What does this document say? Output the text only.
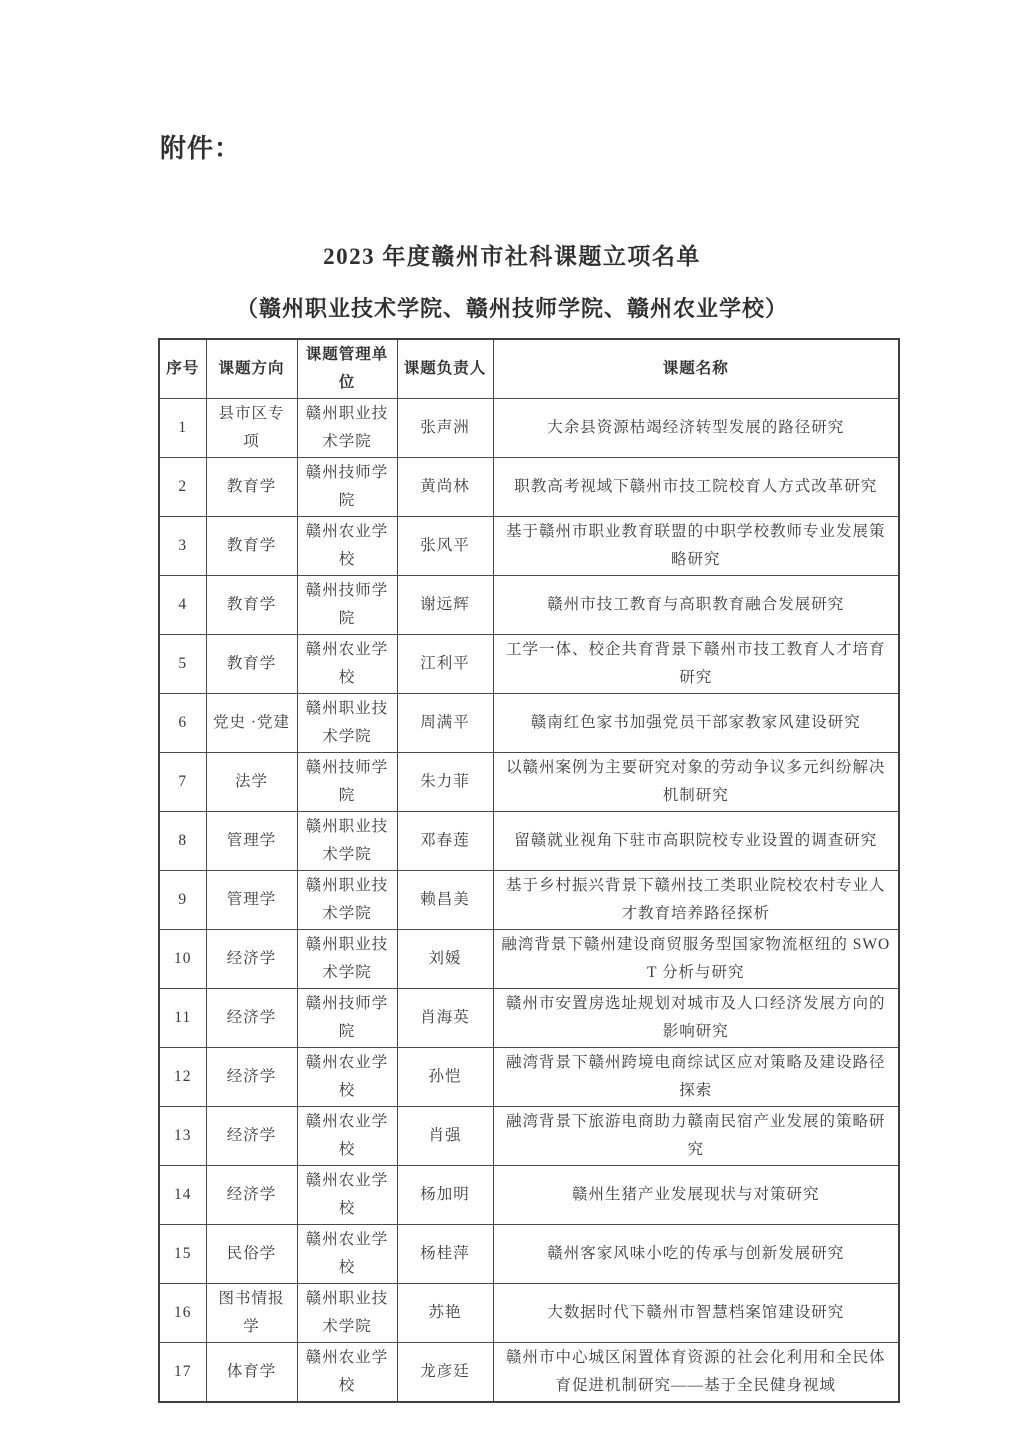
附件：
2023 年度赣州市社科课题立项名单
（赣州职业技术学院、赣州技师学院、赣州农业学校）
序号	课题方向	课题管理单位	课题负责人	课题名称
1	县市区专项	赣州职业技术学院	张声洲	大余县资源枯竭经济转型发展的路径研究
2	教育学	赣州技师学院	黄尚林	职教高考视域下赣州市技工院校育人方式改革研究
3	教育学	赣州农业学校	张风平	基于赣州市职业教育联盟的中职学校教师专业发展策略研究
4	教育学	赣州技师学院	谢远辉	赣州市技工教育与高职教育融合发展研究
5	教育学	赣州农业学校	江利平	工学一体、校企共育背景下赣州市技工教育人才培育研究
6	党史 ·党建	赣州职业技术学院	周满平	赣南红色家书加强党员干部家教家风建设研究
7	法学	赣州技师学院	朱力菲	以赣州案例为主要研究对象的劳动争议多元纠纷解决机制研究
8	管理学	赣州职业技术学院	邓春莲	留赣就业视角下驻市高职院校专业设置的调查研究
9	管理学	赣州职业技术学院	赖昌美	基于乡村振兴背景下赣州技工类职业院校农村专业人才教育培养路径探析
10	经济学	赣州职业技术学院	刘媛	融湾背景下赣州建设商贸服务型国家物流枢纽的 SWOT 分析与研究
11	经济学	赣州技师学院	肖海英	赣州市安置房选址规划对城市及人口经济发展方向的影响研究
12	经济学	赣州农业学校	孙恺	融湾背景下赣州跨境电商综试区应对策略及建设路径探索
13	经济学	赣州农业学校	肖强	融湾背景下旅游电商助力赣南民宿产业发展的策略研究
14	经济学	赣州农业学校	杨加明	赣州生猪产业发展现状与对策研究
15	民俗学	赣州农业学校	杨桂萍	赣州客家风味小吃的传承与创新发展研究
16	图书情报学	赣州职业技术学院	苏艳	大数据时代下赣州市智慧档案馆建设研究
17	体育学	赣州农业学校	龙彦廷	赣州市中心城区闲置体育资源的社会化利用和全民体育促进机制研究——基于全民健身视域
